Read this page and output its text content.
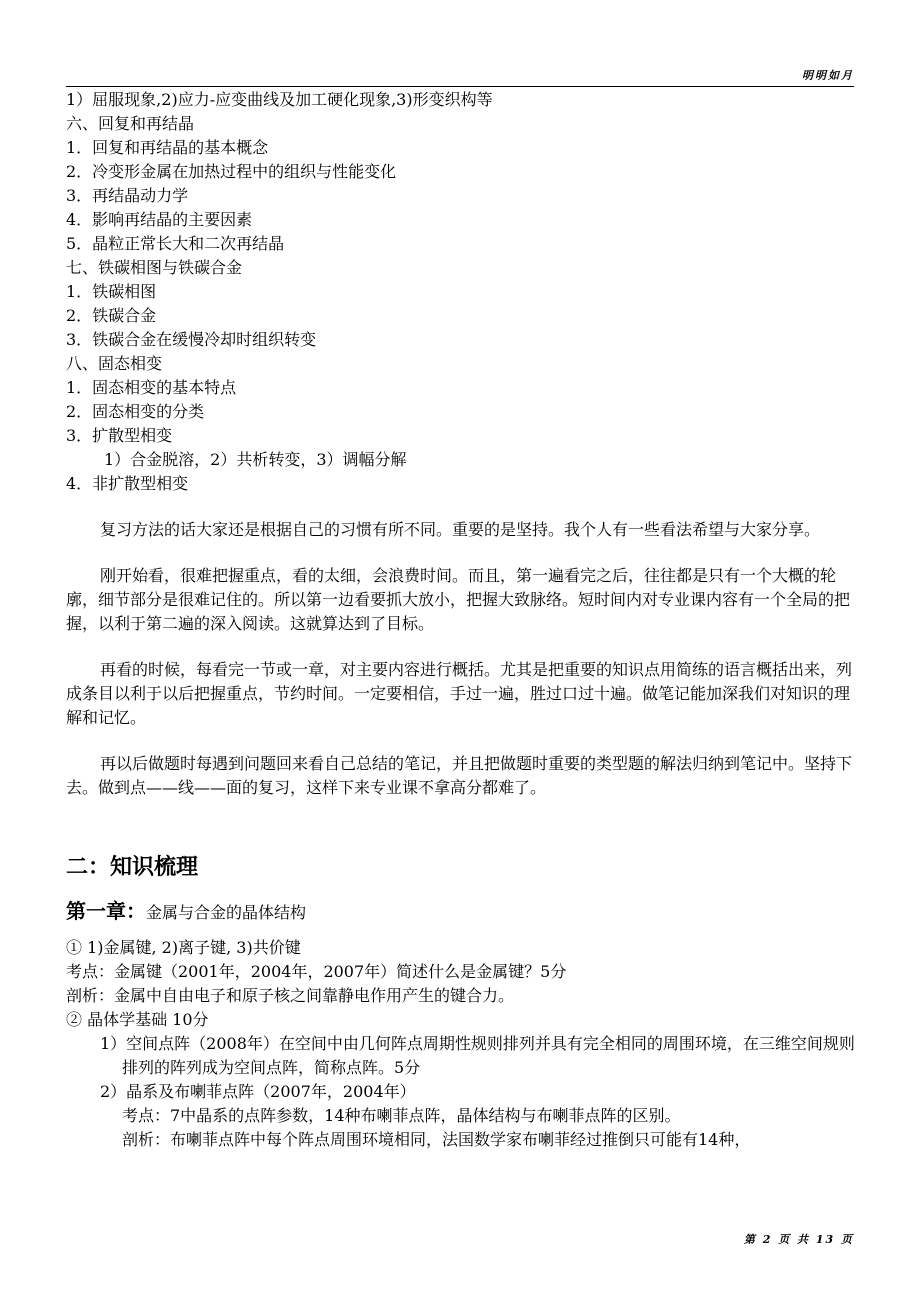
明明如月
1）屈服现象,2)应力-应变曲线及加工硬化现象,3)形变织构等
六、回复和再结晶
1．回复和再结晶的基本概念
2．冷变形金属在加热过程中的组织与性能变化
3．再结晶动力学
4．影响再结晶的主要因素
5．晶粒正常长大和二次再结晶
七、铁碳相图与铁碳合金
1．铁碳相图
2．铁碳合金
3．铁碳合金在缓慢冷却时组织转变
八、固态相变
1．固态相变的基本特点
2．固态相变的分类
3．扩散型相变
1）合金脱溶，2）共析转变，3）调幅分解
4．非扩散型相变

复习方法的话大家还是根据自己的习惯有所不同。重要的是坚持。我个人有一些看法希望与大家分享。

刚开始看，很难把握重点，看的太细，会浪费时间。而且，第一遍看完之后，往往都是只有一个大概的轮廓，细节部分是很难记住的。所以第一边看要抓大放小，把握大致脉络。短时间内对专业课内容有一个全局的把握，以利于第二遍的深入阅读。这就算达到了目标。

再看的时候，每看完一节或一章，对主要内容进行概括。尤其是把重要的知识点用简练的语言概括出来，列成条目以利于以后把握重点，节约时间。一定要相信，手过一遍，胜过口过十遍。做笔记能加深我们对知识的理解和记忆。

再以后做题时每遇到问题回来看自己总结的笔记，并且把做题时重要的类型题的解法归纳到笔记中。坚持下去。做到点——线——面的复习，这样下来专业课不拿高分都难了。

二：知识梳理
第一章：金属与合金的晶体结构
① 1)金属键, 2)离子键, 3)共价键
考点：金属键（2001年，2004年，2007年）简述什么是金属键？5分
剖析：金属中自由电子和原子核之间靠静电作用产生的键合力。
② 晶体学基础 10分
1）空间点阵（2008年）在空间中由几何阵点周期性规则排列并具有完全相同的周围环境，在三维空间规则排列的阵列成为空间点阵，简称点阵。5分
2）晶系及布喇菲点阵（2007年，2004年）
考点：7中晶系的点阵参数，14种布喇菲点阵，晶体结构与布喇菲点阵的区别。
剖析：布喇菲点阵中每个阵点周围环境相同，法国数学家布喇菲经过推倒只可能有14种，
第 2 页 共 13 页
